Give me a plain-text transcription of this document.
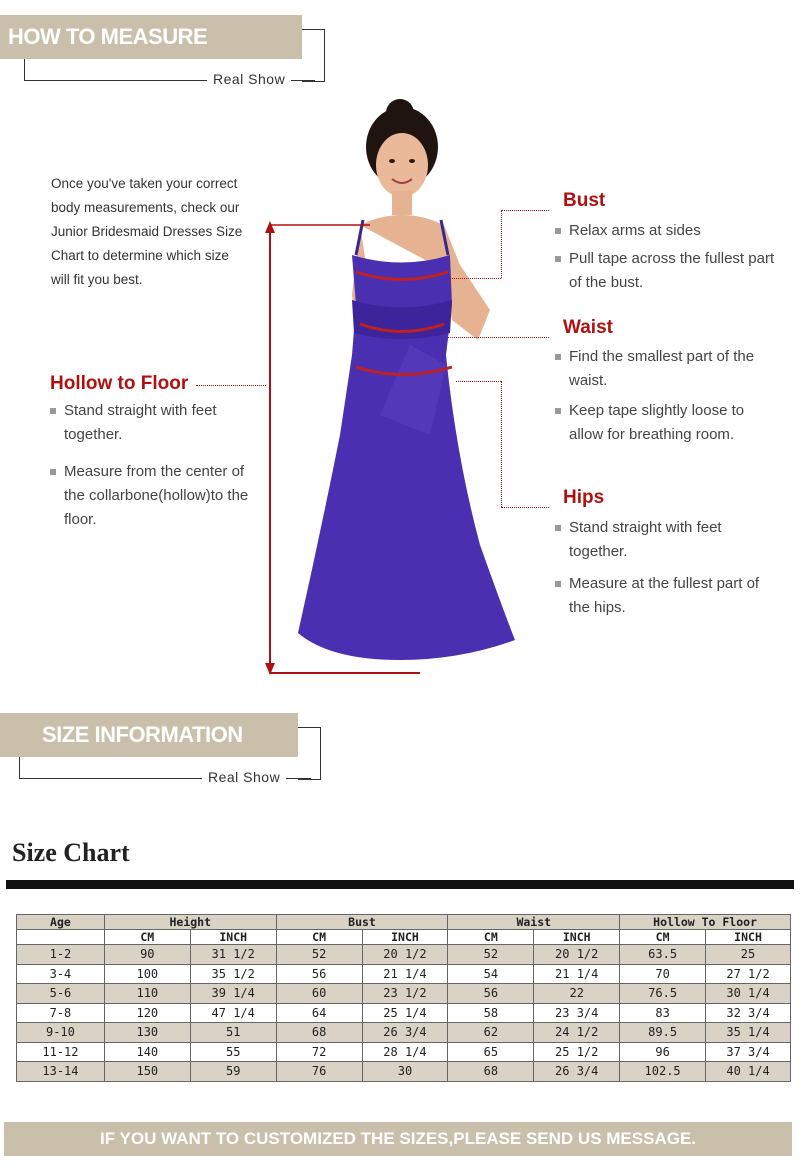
HOW TO MEASURE YOURSELF	Real Show
Once you've taken your correct body measurements, check our Junior Bridesmaid Dresses Size Chart to determine which size will fit you best.
Bust
Relax arms at sides
Pull tape across the fullest part of the bust.
Waist
Find the smallest part of the waist.
Keep tape slightly loose to allow for breathing room.
Hips
Stand straight with feet together.
Measure at the fullest part of the hips.
Hollow to Floor
Stand straight with feet together.
Measure from the center of the collarbone(hollow)to the floor.
SIZE INFORMATION
Real Show
Size Chart
Age	Height		Bust		Waist		Hollow To Floor	
	CM	INCH	CM	INCH	CM	INCH	CM	INCH
1-2	90	31 1/2	52	20 1/2	52	20 1/2	63.5	25
3-4	100	35 1/2	56	21 1/4	54	21 1/4	70	27 1/2
5-6	110	39 1/4	60	23 1/2	56	22	76.5	30 1/4
7-8	120	47 1/4	64	25 1/4	58	23 3/4	83	32 3/4
9-10	130	51	68	26 3/4	62	24 1/2	89.5	35 1/4
11-12	140	55	72	28 1/4	65	25 1/2	96	37 3/4
13-14	150	59	76	30	68	26 3/4	102.5	40 1/4
IF YOU WANT TO CUSTOMIZED THE SIZES,PLEASE SEND US MESSAGE.
